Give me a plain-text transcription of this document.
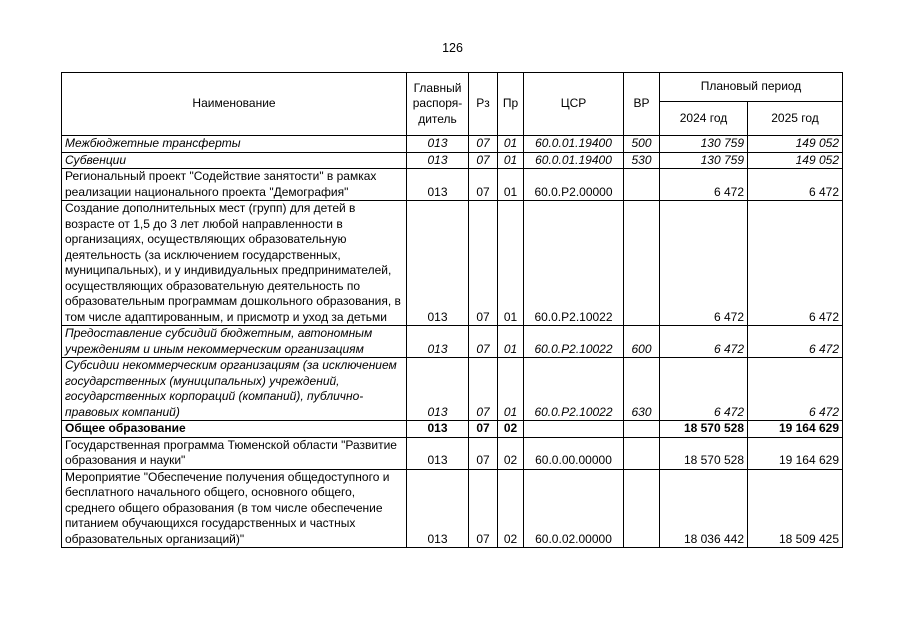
126
Наименование	Главный распоря-дитель	Рз	Пр	ЦСР	ВР	Плановый период	
						2024 год	2025 год
Межбюджетные трансферты	013	07	01	60.0.01.19400	500	130 759	149 052
Субвенции	013	07	01	60.0.01.19400	530	130 759	149 052
Региональный проект "Содействие занятости" в рамках реализации национального проекта "Демография"	013	07	01	60.0.P2.00000		6 472	6 472
Создание дополнительных мест (групп) для детей в возрасте от 1,5 до 3 лет любой направленности в организациях, осуществляющих образовательную деятельность (за исключением государственных, муниципальных), и у индивидуальных предпринимателей, осуществляющих образовательную деятельность по образовательным программам дошкольного образования, в том числе адаптированным, и присмотр и уход за детьми	013	07	01	60.0.P2.10022		6 472	6 472
Предоставление субсидий бюджетным, автономным учреждениям и иным некоммерческим организациям	013	07	01	60.0.P2.10022	600	6 472	6 472
Субсидии некоммерческим организациям (за исключением государственных (муниципальных) учреждений, государственных корпораций (компаний), публично-правовых компаний)	013	07	01	60.0.P2.10022	630	6 472	6 472
Общее образование	013	07	02			18 570 528	19 164 629
Государственная программа Тюменской области "Развитие образования и науки"	013	07	02	60.0.00.00000		18 570 528	19 164 629
Мероприятие "Обеспечение получения общедоступного и бесплатного начального общего, основного общего, среднего общего образования (в том числе обеспечение питанием обучающихся государственных и частных образовательных организаций)"	013	07	02	60.0.02.00000		18 036 442	18 509 425
